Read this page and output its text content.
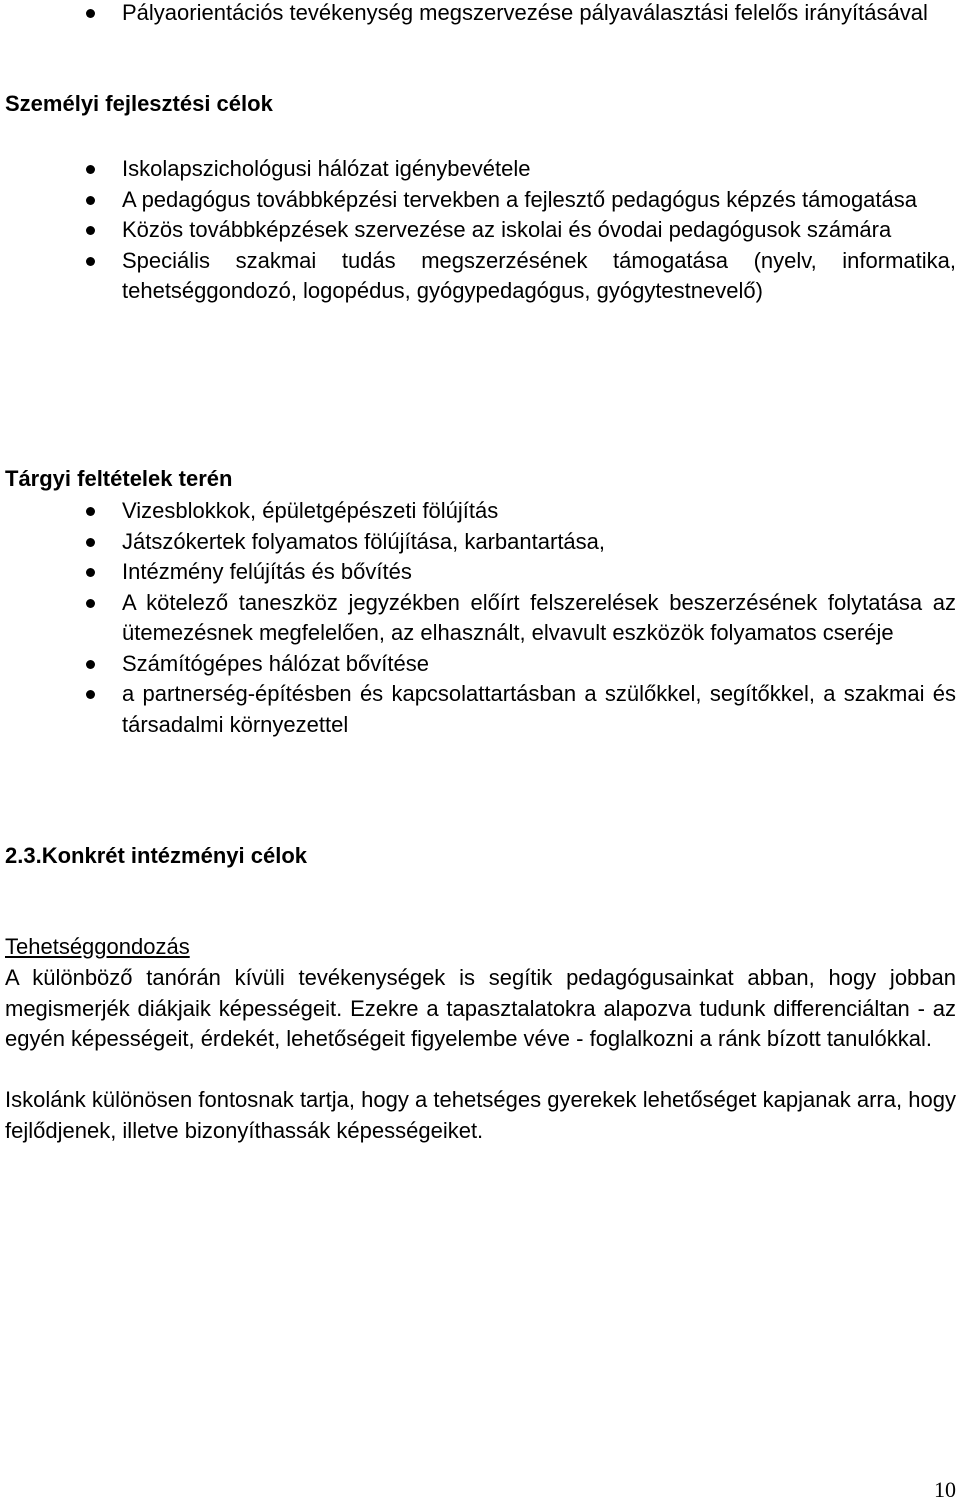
Pályaorientációs tevékenység megszervezése pályaválasztási felelős irányításával
Személyi fejlesztési célok
Iskolapszichológusi hálózat igénybevétele
A pedagógus továbbképzési tervekben a fejlesztő pedagógus képzés támogatása
Közös továbbképzések szervezése az iskolai és óvodai pedagógusok számára
Speciális szakmai tudás megszerzésének támogatása (nyelv, informatika, tehetséggondozó, logopédus, gyógypedagógus, gyógytestnevelő)
Tárgyi feltételek terén
Vizesblokkok, épületgépészeti fölújítás
Játszókertek folyamatos fölújítása, karbantartása,
Intézmény felújítás és bővítés
A kötelező taneszköz jegyzékben előírt felszerelések beszerzésének folytatása az ütemezésnek megfelelően, az elhasznált, elvavult eszközök folyamatos cseréje
Számítógépes hálózat bővítése
a partnerség-építésben és kapcsolattartásban a szülőkkel, segítőkkel, a szakmai és társadalmi környezettel
2.3.Konkrét intézményi célok
Tehetséggondozás

A különböző tanórán kívüli tevékenységek is segítik pedagógusainkat abban, hogy jobban megismerjék diákjaik képességeit. Ezekre a tapasztalatokra alapozva tudunk differenciáltan - az egyén képességeit, érdekét, lehetőségeit figyelembe véve - foglalkozni a ránk bízott tanulókkal.

Iskolánk különösen fontosnak tartja, hogy a tehetséges gyerekek lehetőséget kapjanak arra, hogy fejlődjenek, illetve bizonyíthassák képességeiket.

10
